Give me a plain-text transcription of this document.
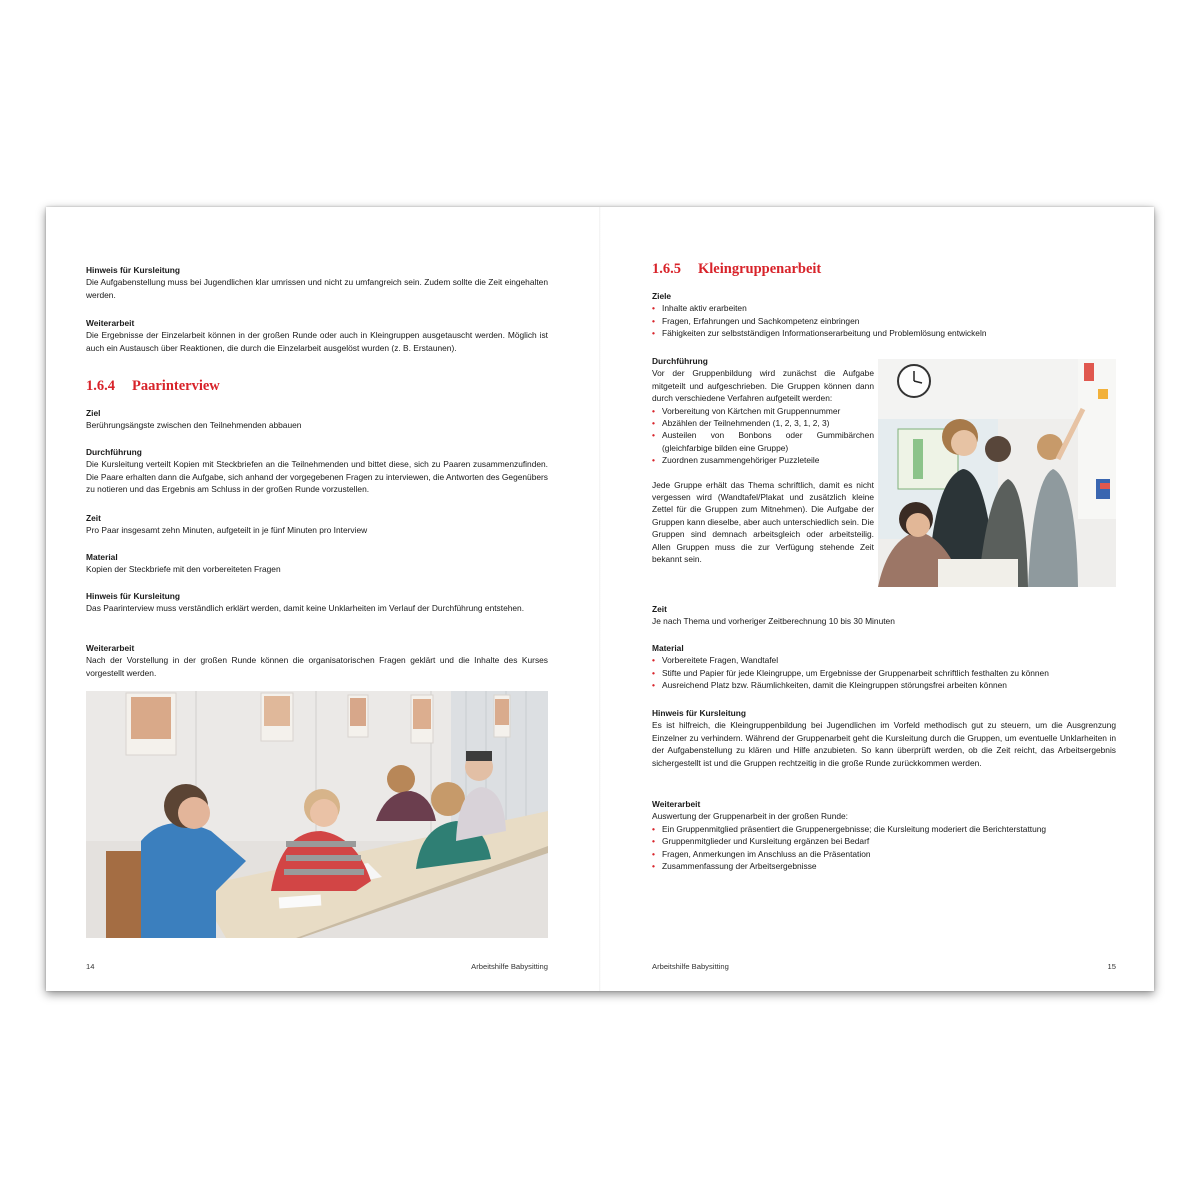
Hinweis für Kursleitung

Die Aufgabenstellung muss bei Jugendlichen klar umrissen und nicht zu umfangreich sein. Zudem sollte die Zeit eingehalten werden.

Weiterarbeit

Die Ergebnisse der Einzelarbeit können in der großen Runde oder auch in Kleingruppen ausgetauscht werden. Möglich ist auch ein Austausch über Reaktionen, die durch die Einzelarbeit ausgelöst wurden (z. B. Erstaunen).

1.6.4 Paarinterview

Ziel

Berührungsängste zwischen den Teilnehmenden abbauen

Durchführung

Die Kursleitung verteilt Kopien mit Steckbriefen an die Teilnehmenden und bittet diese, sich zu Paaren zusammenzufinden. Die Paare erhalten dann die Aufgabe, sich anhand der vorgegebenen Fragen zu interviewen, die Antworten des Gegenübers zu notieren und das Ergebnis am Schluss in der großen Runde vorzustellen.

Zeit

Pro Paar insgesamt zehn Minuten, aufgeteilt in je fünf Minuten pro Interview

Material

Kopien der Steckbriefe mit den vorbereiteten Fragen

Hinweis für Kursleitung

Das Paarinterview muss verständlich erklärt werden, damit keine Unklarheiten im Verlauf der Durchführung entstehen.

Weiterarbeit

Nach der Vorstellung in der großen Runde können die organisatorischen Fragen geklärt und die Inhalte des Kurses vorgestellt werden.

14	Arbeitshilfe Babysitting

1.6.5 Kleingruppenarbeit

Ziele

• Inhalte aktiv erarbeiten
• Fragen, Erfahrungen und Sachkompetenz einbringen
• Fähigkeiten zur selbstständigen Informationserarbeitung und Problemlösung entwickeln

Durchführung

Vor der Gruppenbildung wird zunächst die Aufgabe mitgeteilt und aufgeschrieben. Die Gruppen können dann durch verschiedene Verfahren aufgeteilt werden:

• Vorbereitung von Kärtchen mit Gruppennummer
• Abzählen der Teilnehmenden (1, 2, 3, 1, 2, 3)
• Austeilen von Bonbons oder Gummibärchen (gleichfarbige bilden eine Gruppe)
• Zuordnen zusammengehöriger Puzzleteile

Jede Gruppe erhält das Thema schriftlich, damit es nicht vergessen wird (Wandtafel/Plakat und zusätzlich kleine Zettel für die Gruppen zum Mitnehmen). Die Aufgabe der Gruppen kann dieselbe, aber auch unterschiedlich sein. Die Gruppen sind demnach arbeitsgleich oder arbeitsteilig. Allen Gruppen muss die zur Verfügung stehende Zeit bekannt sein.

Zeit

Je nach Thema und vorheriger Zeitberechnung 10 bis 30 Minuten

Material

• Vorbereitete Fragen, Wandtafel
• Stifte und Papier für jede Kleingruppe, um Ergebnisse der Gruppenarbeit schriftlich festhalten zu können
• Ausreichend Platz bzw. Räumlichkeiten, damit die Kleingruppen störungsfrei arbeiten können

Hinweis für Kursleitung

Es ist hilfreich, die Kleingruppenbildung bei Jugendlichen im Vorfeld methodisch gut zu steuern, um die Ausgrenzung Einzelner zu verhindern. Während der Gruppenarbeit geht die Kursleitung durch die Gruppen, um eventuelle Unklarheiten in der Aufgabenstellung zu klären und Hilfe anzubieten. So kann überprüft werden, ob die Zeit reicht, das Arbeitsergebnis sichergestellt ist und die Gruppen rechtzeitig in die große Runde zurückkommen werden.

Weiterarbeit

Auswertung der Gruppenarbeit in der großen Runde:

• Ein Gruppenmitglied präsentiert die Gruppenergebnisse; die Kursleitung moderiert die Berichterstattung
• Gruppenmitglieder und Kursleitung ergänzen bei Bedarf
• Fragen, Anmerkungen im Anschluss an die Präsentation
• Zusammenfassung der Arbeitsergebnisse
Arbeitshilfe Babysitting	15
